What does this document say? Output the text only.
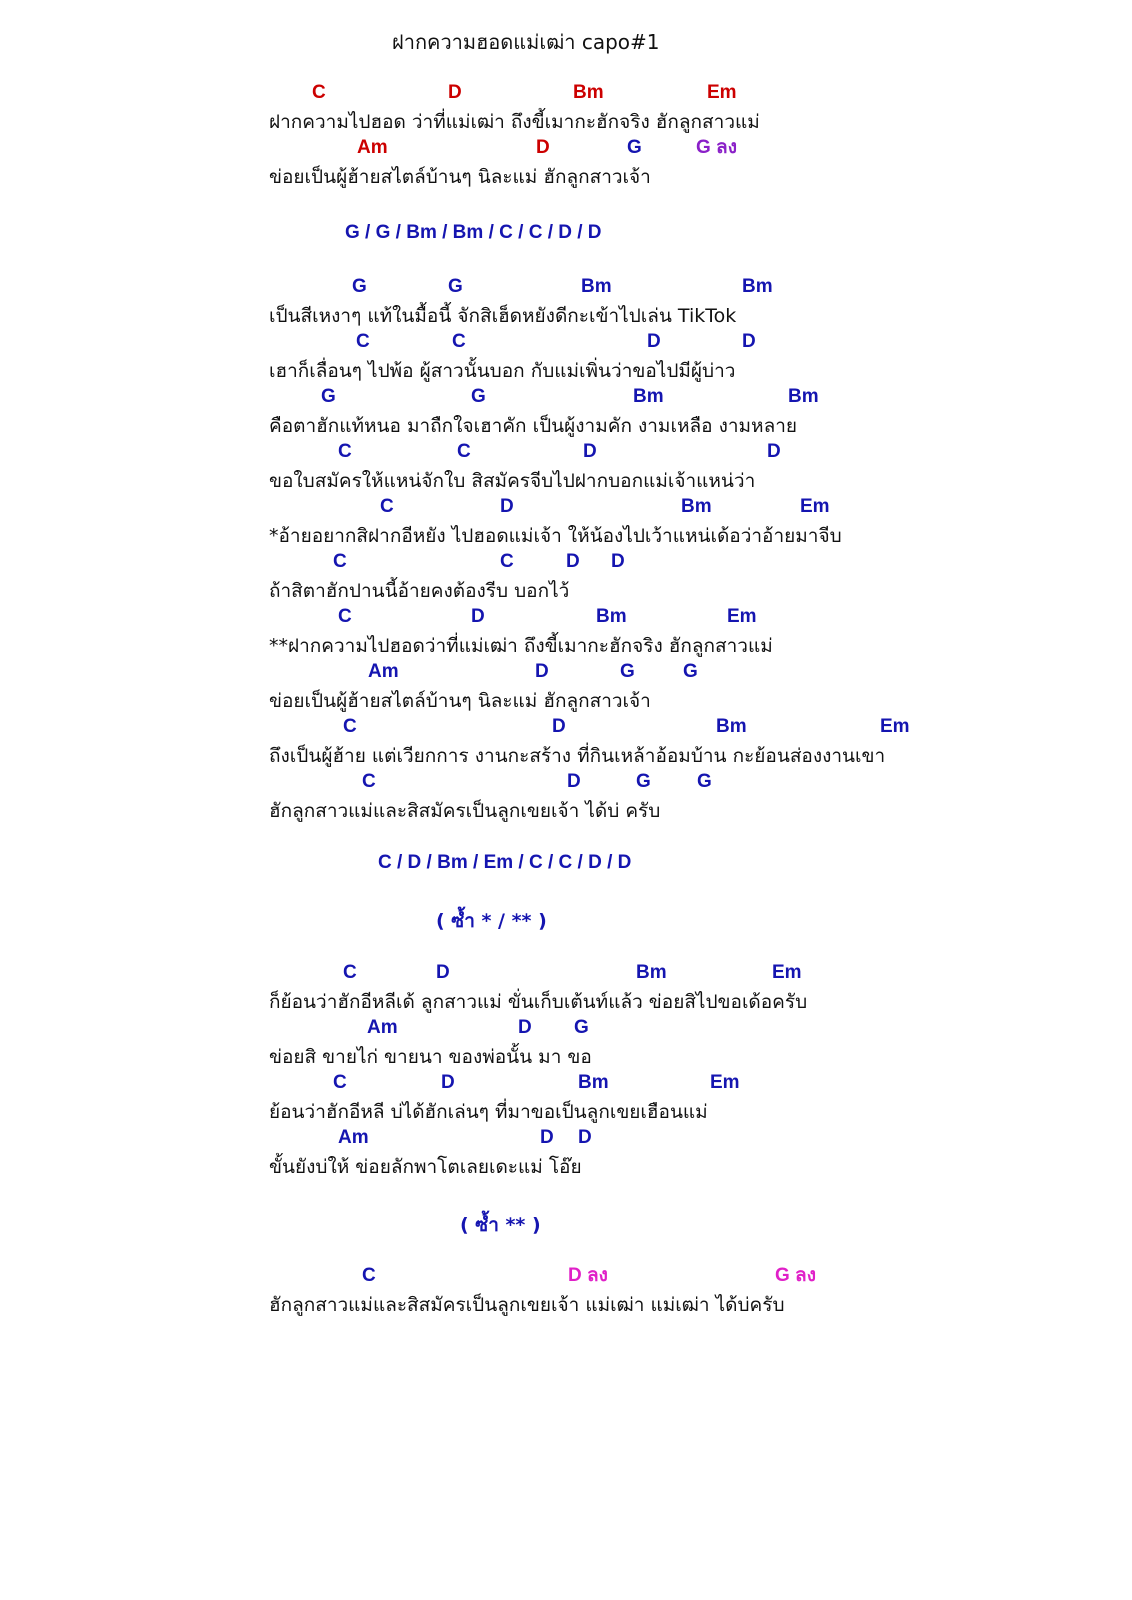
ฝากความฮอดแม่เฒ่า capo#1
C	D	Bm	Em
ฝากความไปฮอด ว่าที่แม่เฒ่า ถึงขี้เมากะฮักจริง ฮักลูกสาวแม่
Am	D	G	G ลง
ข่อยเป็นผู้ฮ้ายสไตล์บ้านๆ นิละแม่ ฮักลูกสาวเจ้า
G / G / Bm / Bm / C / C / D / D
G	G	Bm	Bm
เป็นสีเหงาๆ แท้ในมื้อนี้ จักสิเฮ็ดหยังดีกะเข้าไปเล่น TikTok
C	C	D	D
เฮาก็เลื่อนๆ ไปพ้อ ผู้สาวนั้นบอก กับแม่เพิ่นว่าขอไปมีผู้บ่าว
G	G	Bm	Bm
คือตาฮักแท้หนอ มาถืกใจเฮาคัก เป็นผู้งามคัก งามเหลือ งามหลาย
C	C	D	D
ขอใบสมัครให้แหน่จักใบ สิสมัครจีบไปฝากบอกแม่เจ้าแหน่ว่า
C	D	Bm	Em
*อ้ายอยากสิฝากอีหยัง ไปฮอดแม่เจ้า ให้น้องไปเว้าแหน่เด้อว่าอ้ายมาจีบ
C	C	D D
ถ้าสิตาฮักปานนี้อ้ายคงต้องรีบ บอกไว้
C	D	Bm	Em
**ฝากความไปฮอดว่าที่แม่เฒ่า ถึงขี้เมากะฮักจริง ฮักลูกสาวแม่
Am	D	G	G
ข่อยเป็นผู้ฮ้ายสไตล์บ้านๆ นิละแม่ ฮักลูกสาวเจ้า
C	D	Bm	Em
ถึงเป็นผู้ฮ้าย แต่เวียกการ งานกะสร้าง ที่กินเหล้าอ้อมบ้าน กะย้อนส่องงานเขา
C	D	G G
ฮักลูกสาวแม่และสิสมัครเป็นลูกเขยเจ้า ได้บ่ ครับ
C / D / Bm / Em / C / C / D / D
( ซ้ำ * / ** )
C	D	Bm	Em
ก็ย้อนว่าฮักอีหลีเด้ ลูกสาวแม่ ขั่นเก็บเต้นท์แล้ว ข่อยสิไปขอเด้อครับ
Am	D G
ข่อยสิ ขายไก่ ขายนา ของพ่อนั้น มา ขอ
C	D	Bm	Em
ย้อนว่าฮักอีหลี บ่ได้ฮักเล่นๆ ที่มาขอเป็นลูกเขยเฮือนแม่
Am	D D
ขั้นยังบ่ให้ ข่อยลักพาโตเลยเดะแม่ โอ๊ย
( ซ้ำ ** )
C	D ลง	G ลง
ฮักลูกสาวแม่และสิสมัครเป็นลูกเขยเจ้า แม่เฒ่า แม่เฒ่า ได้บ่ครับ
